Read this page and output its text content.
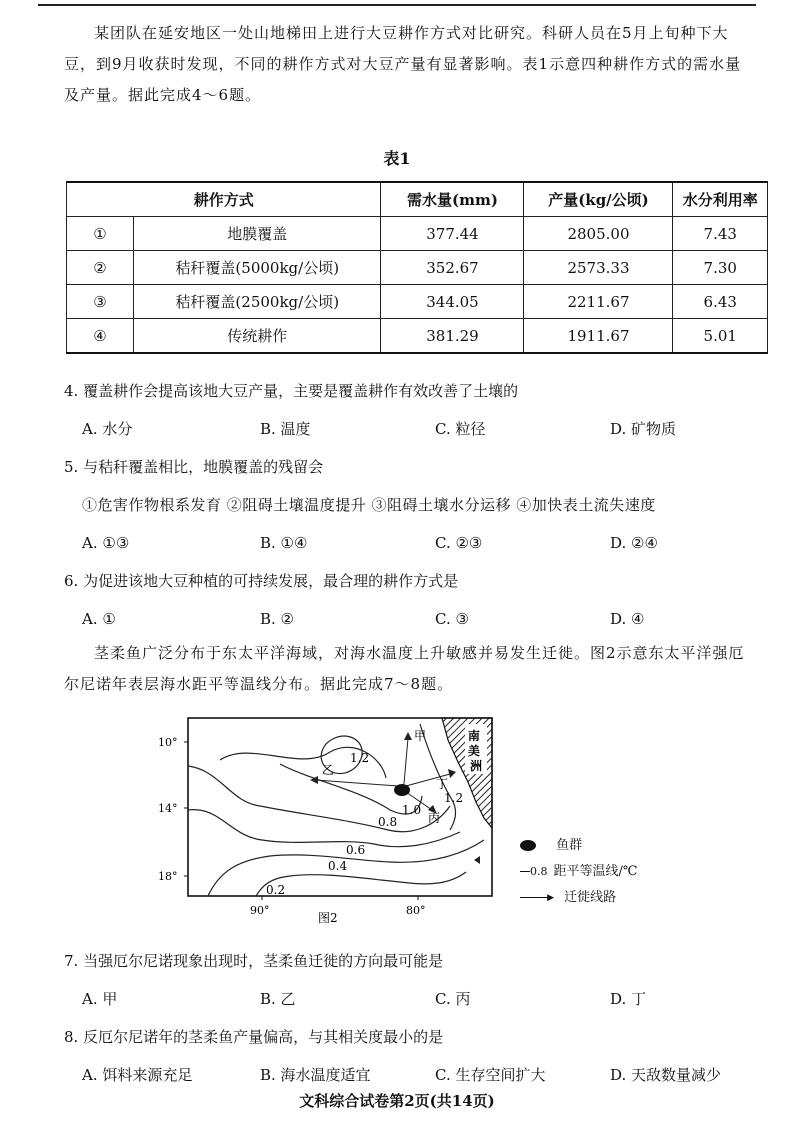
某团队在延安地区一处山地梯田上进行大豆耕作方式对比研究。科研人员在5月上旬种下大豆，到9月收获时发现，不同的耕作方式对大豆产量有显著影响。表1示意四种耕作方式的需水量及产量。据此完成4～6题。

表1
耕作方式		需水量(mm)	产量(kg/公顷)	水分利用率
①	地膜覆盖	377.44	2805.00	7.43
②	秸秆覆盖(5000kg/公顷)	352.67	2573.33	7.30
③	秸秆覆盖(2500kg/公顷)	344.05	2211.67	6.43
④	传统耕作	381.29	1911.67	5.01
4. 覆盖耕作会提高该地大豆产量，主要是覆盖耕作有效改善了土壤的
A. 水分	B. 温度	C. 粒径	D. 矿物质
5. 与秸秆覆盖相比，地膜覆盖的残留会
①危害作物根系发育 ②阻碍土壤温度提升 ③阻碍土壤水分运移 ④加快表土流失速度
A. ①③	B. ①④	C. ②③	D. ②④
6. 为促进该地大豆种植的可持续发展，最合理的耕作方式是
A. ①	B. ②	C. ③	D. ④

茎柔鱼广泛分布于东太平洋海域，对海水温度上升敏感并易发生迁徙。图2示意东太平洋强厄尔尼诺年表层海水距平等温线分布。据此完成7～8题。

南 美 洲
1.2
1.2
1.0
0.8
0.6
0.4
0.2
甲
乙
丙
丁
10°
14°
18°
90°	80°
图2
鱼群
0.8 距平等温线/℃
▶ 迁徙线路
7. 当强厄尔尼诺现象出现时，茎柔鱼迁徙的方向最可能是
A. 甲	B. 乙	C. 丙	D. 丁
8. 反厄尔尼诺年的茎柔鱼产量偏高，与其相关度最小的是
A. 饵料来源充足	B. 海水温度适宜	C. 生存空间扩大	D. 天敌数量减少
文科综合试卷第2页(共14页)
